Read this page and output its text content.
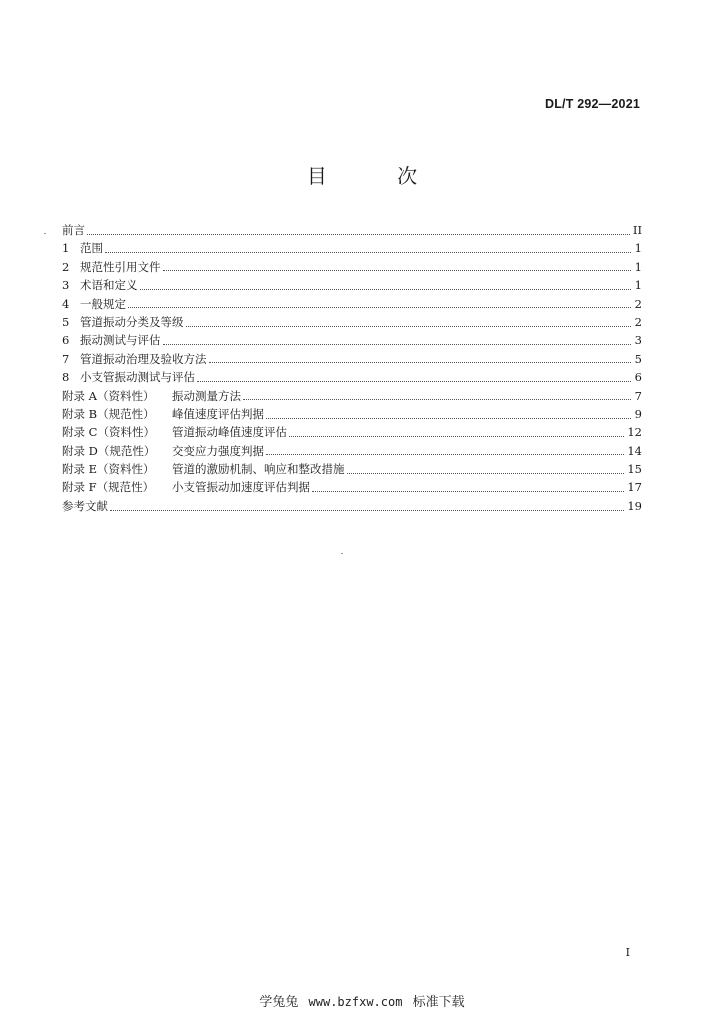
DL/T 292—2021
目 次
前言	II
1 范围	1
2 规范性引用文件	1
3 术语和定义	1
4 一般规定	2
5 管道振动分类及等级	2
6 振动测试与评估	3
7 管道振动治理及验收方法	5
8 小支管振动测试与评估	6
附录 A（资料性）	振动测量方法	7
附录 B（规范性）	峰值速度评估判据	9
附录 C（资料性）	管道振动峰值速度评估	12
附录 D（规范性）	交变应力强度判据	14
附录 E（资料性）	管道的激励机制、响应和整改措施	15
附录 F（规范性）	小支管振动加速度评估判据	17
参考文献	19
I
学兔兔 www.bzfxw.com 标准下载
